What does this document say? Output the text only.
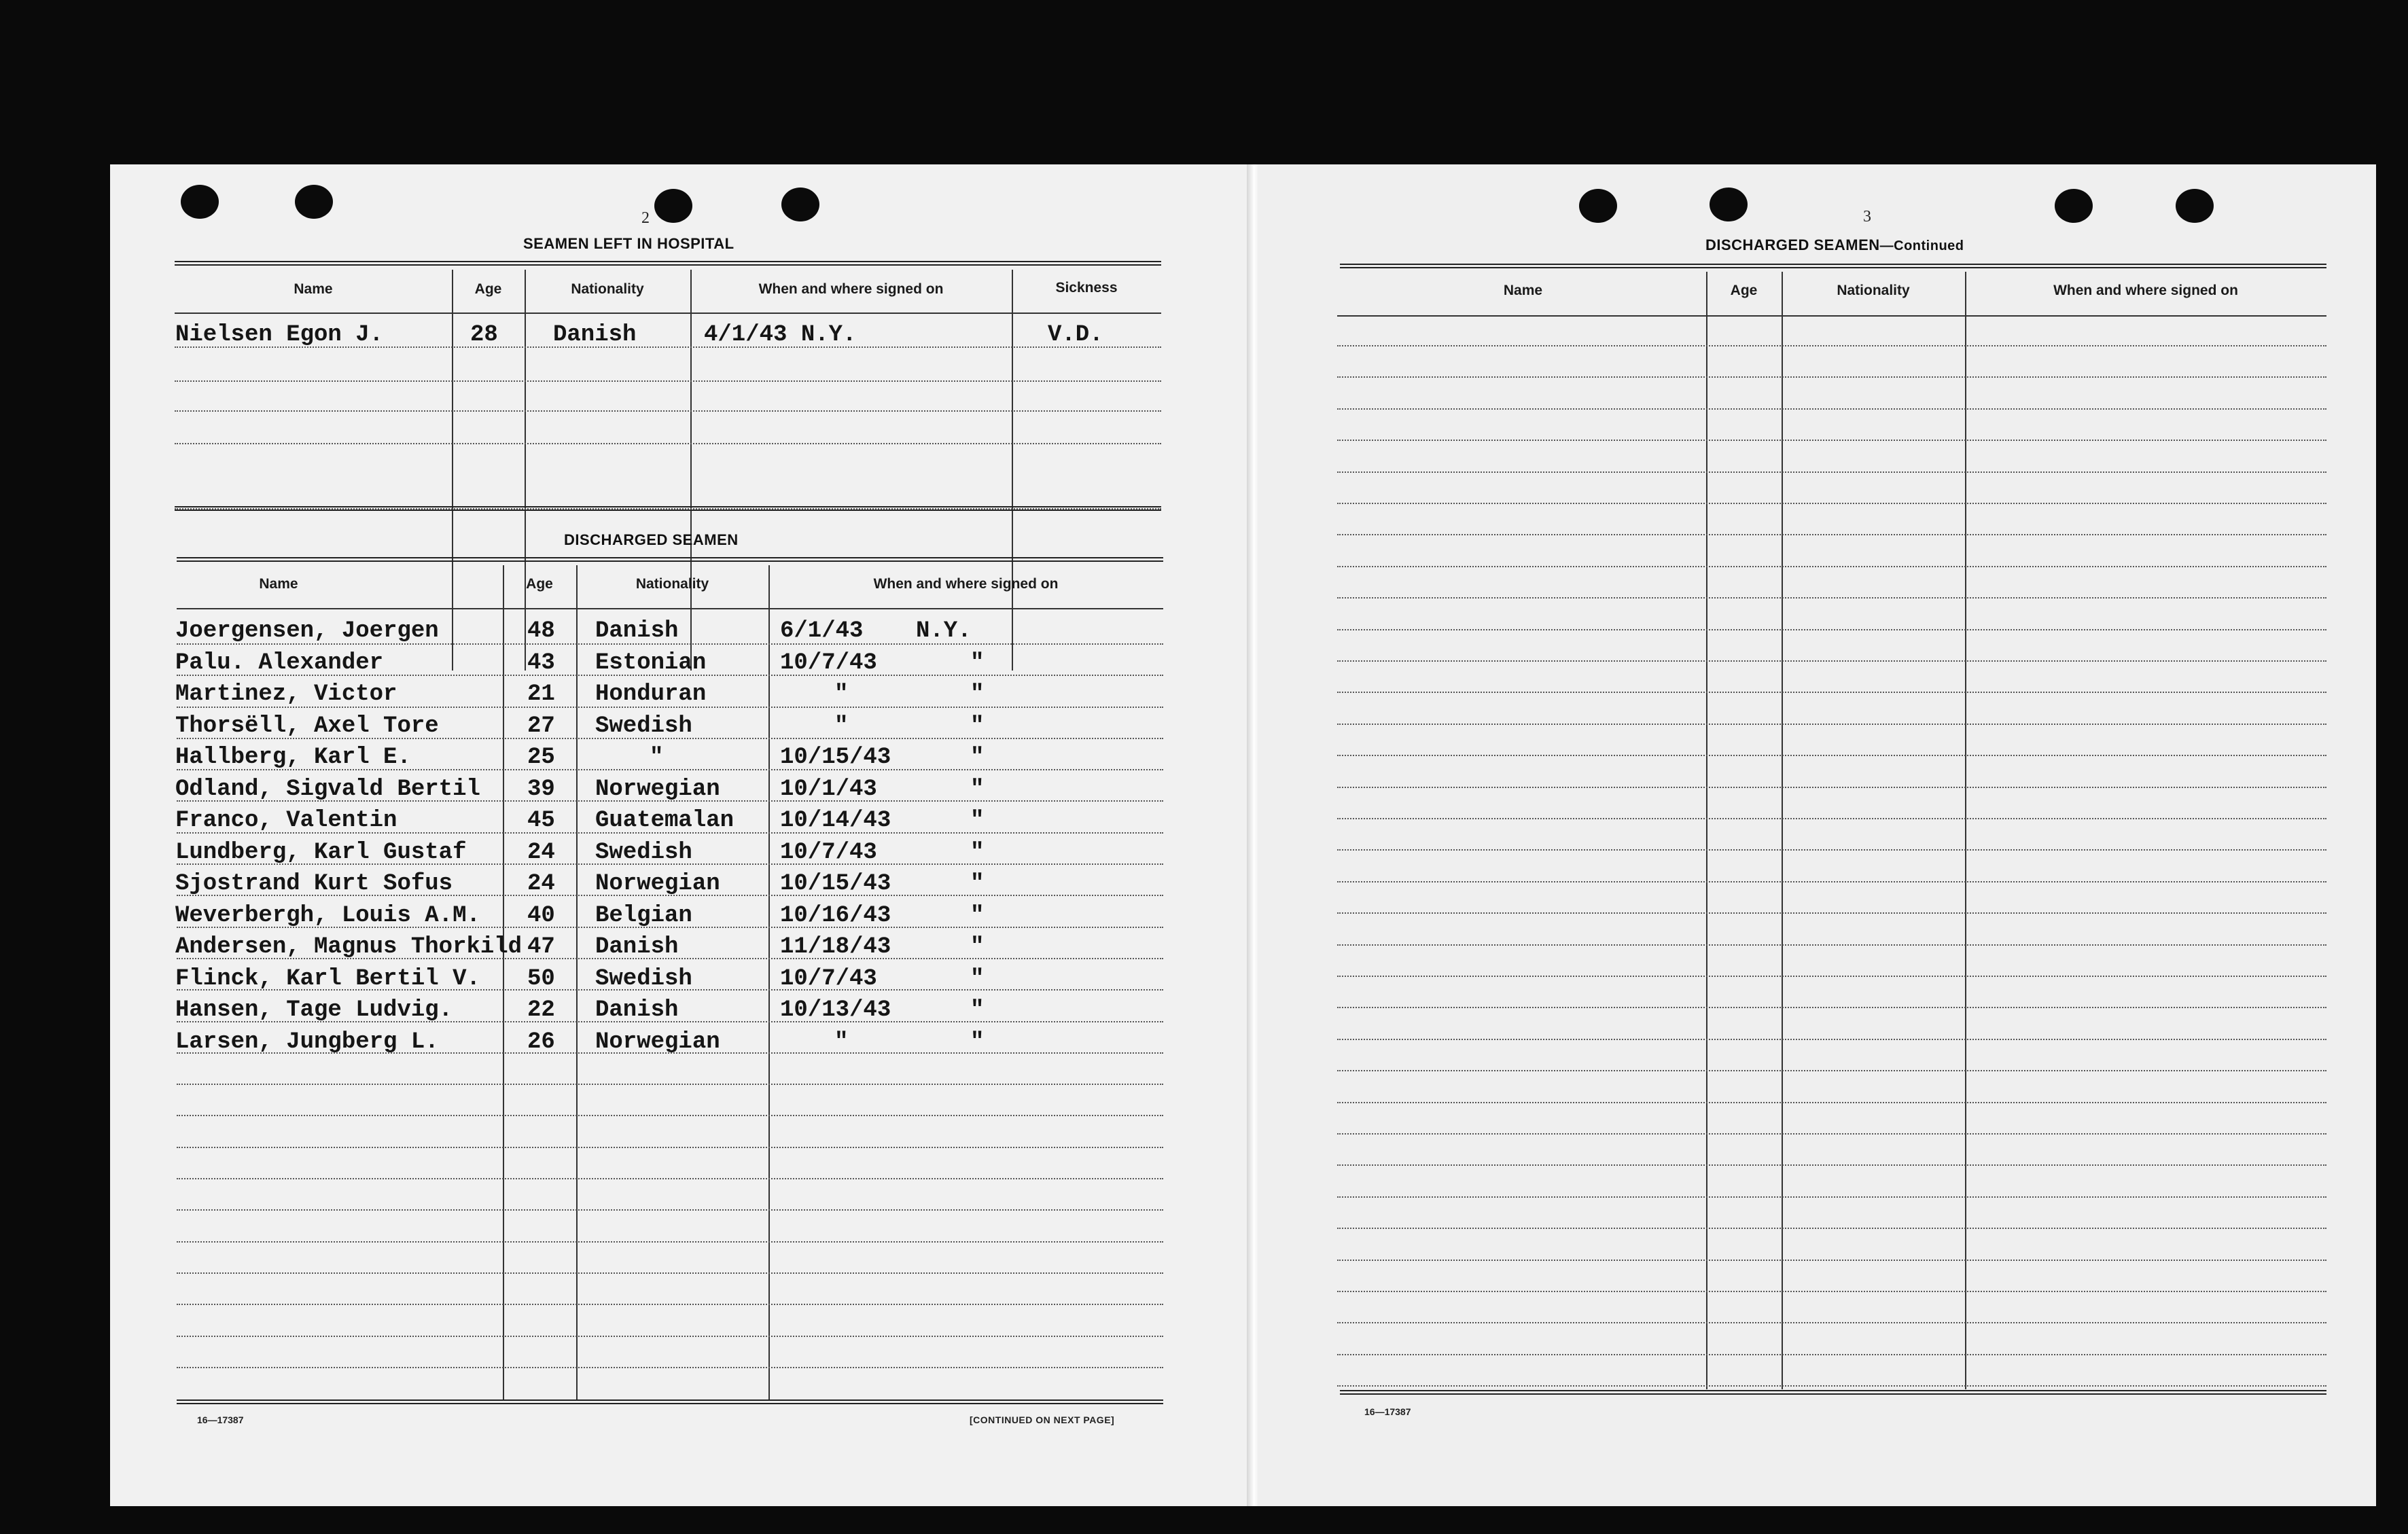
2
SEAMEN LEFT IN HOSPITAL
Name	Age	Nationality	When and where signed on	Sickness
Nielsen Egon J.	28 Danish	4/1/43 N.Y.	V.D.
DISCHARGED SEAMEN
Name	Age	Nationality	When and where signed on
Joergensen, Joergen	48 Danish	6/1/43 N.Y.
Palu. Alexander	43 Estonian	10/7/43	"
Martinez, Victor	21 Honduran	"	"
Thorsëll, Axel Tore	27 Swedish	"	"
Hallberg, Karl E.	25	"	10/15/43	"
Odland, Sigvald Bertil 39 Norwegian	10/1/43	"
Franco, Valentin	45 Guatemalan 10/14/43	"
Lundberg, Karl Gustaf	24 Swedish	10/7/43	"
Sjostrand Kurt Sofus	24 Norwegian	10/15/43	"
Weverbergh, Louis A.M. 40 Belgian	10/16/43	"
Andersen, Magnus Thorkild 47 Danish	11/18/43	"
Flinck, Karl Bertil V. 50 Swedish	10/7/43	"
Hansen, Tage Ludvig.	22 Danish	10/13/43	"
Larsen, Jungberg L.	26 Norwegian	"	"
16—17387	[CONTINUED ON NEXT PAGE]
3
DISCHARGED SEAMEN—Continued
Name	Age	Nationality	When and where signed on
16—17387
